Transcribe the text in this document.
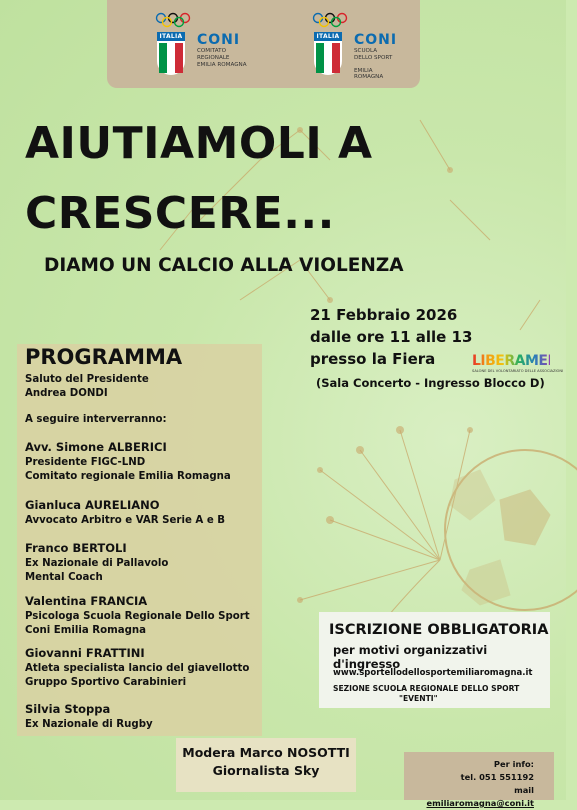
ITALIA CONI
COMITATO
REGIONALE
EMILIA ROMAGNA
ITALIA CONI
SCUOLA
DELLO SPORT
EMILIA ROMAGNA
AIUTIAMOLI A
CRESCERE...
DIAMO UN CALCIO ALLA VIOLENZA
21 Febbraio 2026
dalle ore 11 alle 13
presso la Fiera	LIBERAMENTE
SALONE DEL VOLONTARIATO DELLE ASSOCIAZIONI
(Sala Concerto - Ingresso Blocco D)
PROGRAMMA
Saluto del Presidente
Andrea DONDI
A seguire interverranno:
Avv. Simone ALBERICI
Presidente FIGC-LND
Comitato regionale Emilia Romagna
Gianluca AURELIANO
Avvocato Arbitro e VAR Serie A e B
Franco BERTOLI
Ex Nazionale di Pallavolo
Mental Coach
Valentina FRANCIA
Psicologa Scuola Regionale Dello Sport
Coni Emilia Romagna
Giovanni FRATTINI
Atleta specialista lancio del giavellotto
Gruppo Sportivo Carabinieri
Silvia Stoppa
Ex Nazionale di Rugby
Modera Marco NOSOTTI
Giornalista Sky
ISCRIZIONE OBBLIGATORIA
per motivi organizzativi d'ingresso
www.sportellodellosportemiliaromagna.it
SEZIONE SCUOLA REGIONALE DELLO SPORT
"EVENTI"
Per info:
tel. 051 551192
mail emiliaromagna@coni.it
